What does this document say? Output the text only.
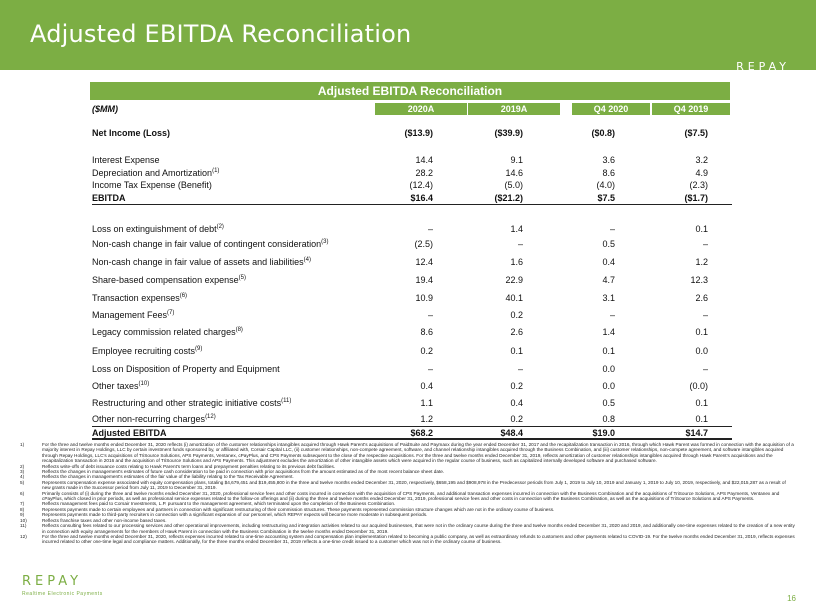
Adjusted EBITDA Reconciliation
REPAY
Adjusted EBITDA Reconciliation
($MM)	2020A	2019A	Q4 2020	Q4 2019
Net Income (Loss)	($13.9)	($39.9)	($0.8)	($7.5)
Interest Expense	14.4	9.1	3.6	3.2
Depreciation and Amortization$^{(1)}$	28.2	14.6	8.6	4.9
Income Tax Expense (Benefit)	(12.4)	(5.0)	(4.0)	(2.3)
EBITDA	$16.4	($21.2)	$7.5	($1.7)
Loss on extinguishment of debt$^{(2)}$	–	1.4	–	0.1
Non-cash change in fair value of contingent consideration$^{(3)}$	(2.5)	–	0.5	–
Non-cash change in fair value of assets and liabilities$^{(4)}$	12.4	1.6	0.4	1.2
Share-based compensation expense$^{(5)}$	19.4	22.9	4.7	12.3
Transaction expenses$^{(6)}$	10.9	40.1	3.1	2.6
Management Fees$^{(7)}$	–	0.2	–	–
Legacy commission related charges$^{(8)}$	8.6	2.6	1.4	0.1
Employee recruiting costs$^{(9)}$	0.2	0.1	0.1	0.0
Loss on Disposition of Property and Equipment	–	–	0.0	–
Other taxes$^{(10)}$	0.4	0.2	0.0	(0.0)
Restructuring and other strategic initiative costs$^{(11)}$	1.1	0.4	0.5	0.1
Other non-recurring charges$^{(12)}$	1.2	0.2	0.8	0.1
Adjusted EBITDA	$68.2	$48.4	$19.0	$14.7
1)	For the three and twelve months ended December 31, 2020 reflects (i) amortization of the customer relationships intangibles acquired through Hawk Parent's acquisitions of PaidSuite and Paymaxx during the year ended December 31, 2017 and the recapitalization transaction in 2016, through which Hawk Parent was formed in connection with the acquisition of a majority interest in Repay Holdings, LLC by certain investment funds sponsored by, or affiliated with, Corsair Capital LLC, (ii) customer relationships, non-compete agreement, software, and channel relationship intangibles acquired through the Business Combination, and (iii) customer relationships, non-compete agreement, and software intangibles acquired through Repay Holdings, LLC's acquisitions of TriSource Solutions, APS Payments, Ventanex, cPayPlus, and CPS Payments subsequent to the close of the respective acquisitions. For the three and twelve months ended December 31, 2019, reflects amortization of customer relationships intangibles acquired through Hawk Parent's acquisitions and the recapitalization transaction in 2016 and the acquisition of TriSource Solutions and APS Payments. This adjustment excludes the amortization of other intangible assets which were acquired in the regular course of business, such as capitalized internally developed software and purchased software.
2)	Reflects write-offs of debt issuance costs relating to Hawk Parent's term loans and prepayment penalties relating to its previous debt facilities.
3)	Reflects the changes in management's estimates of future cash consideration to be paid in connection with prior acquisitions from the amount estimated as of the most recent balance sheet date.
4)	Reflects the changes in management's estimates of the fair value of the liability relating to the Tax Receivable Agreement.
5)	Represents compensation expense associated with equity compensation plans, totaling $4,679,451 and $19,455,800 in the three and twelve months ended December 31, 2020, respectively, $658,195 and $908,978 in the Predecessor periods from July 1, 2019 to July 10, 2019 and January 1, 2019 to July 10, 2019, respectively, and $22,015,287 as a result of new grants made in the Successor period from July 11, 2019 to December 31, 2019.
6)	Primarily consists of (i) during the three and twelve months ended December 31, 2020, professional service fees and other costs incurred in connection with the acquisition of CPS Payments, and additional transaction expenses incurred in connection with the Business Combination and the acquisitions of TriSource Solutions, APS Payments, Ventanex and cPayPlus, which closed in prior periods, as well as professional service expenses related to the follow-on offerings and (ii) during the three and twelve months ended December 31, 2019, professional service fees and other costs in connection with the Business Combination, as well as the acquisitions of TriSource Solutions and APS Payments.
7)	Reflects management fees paid to Corsair Investments, L.P. pursuant to the management agreement, which terminated upon the completion of the Business Combination.
8)	Represents payments made to certain employees and partners in connection with significant restructuring of their commission structures. These payments represented commission structure changes which are not in the ordinary course of business.
9)	Represents payments made to third-party recruiters in connection with a significant expansion of our personnel, which REPAY expects will become more moderate in subsequent periods.
10)	Reflects franchise taxes and other non-income based taxes.
11)	Reflects consulting fees related to our processing services and other operational improvements, including restructuring and integration activities related to our acquired businesses, that were not in the ordinary course during the three and twelve months ended December 31, 2020 and 2019, and additionally one-time expenses related to the creation of a new entity in connection with equity arrangements for the members of Hawk Parent in connection with the Business Combination in the twelve months ended December 31, 2019.
12)	For the three and twelve months ended December 31, 2020, reflects expenses incurred related to one-time accounting system and compensation plan implementation related to becoming a public company, as well as extraordinary refunds to customers and other payments related to COVID-19. For the twelve months ended December 31, 2019, reflects expenses incurred related to other one-time legal and compliance matters. Additionally, for the three months ended December 31, 2019 reflects a one-time credit issued to a customer which was not in the ordinary course of business.
REPAY
Realtime Electronic Payments	16
